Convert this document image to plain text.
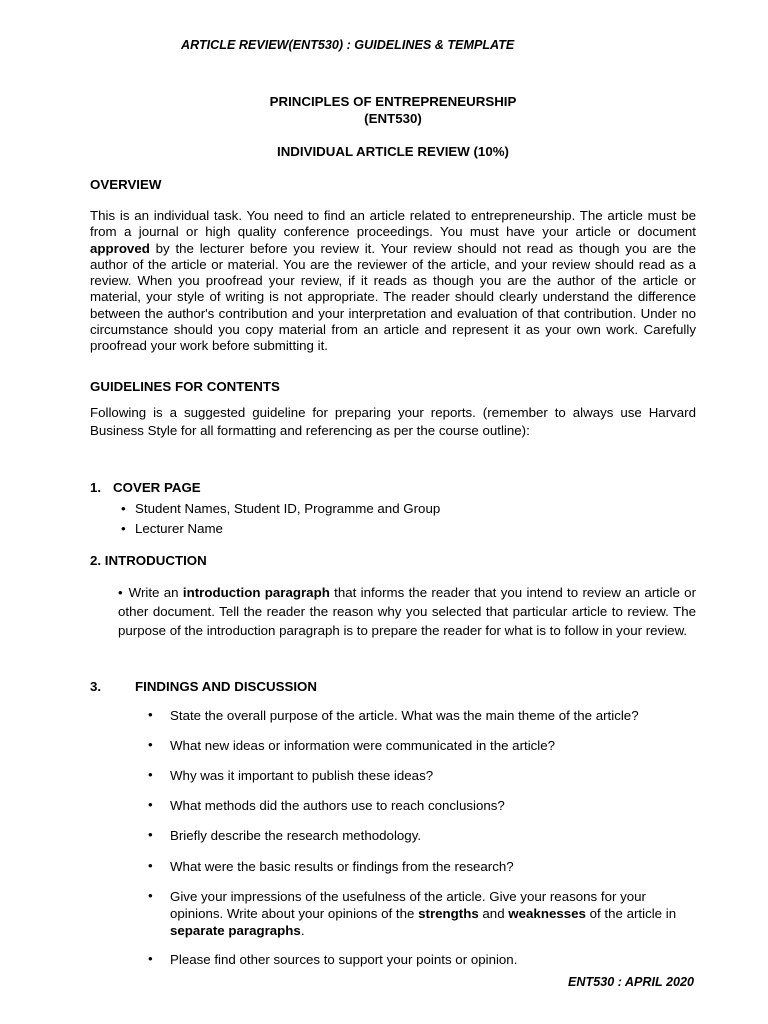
ARTICLE REVIEW(ENT530) : GUIDELINES & TEMPLATE
PRINCIPLES OF ENTREPRENEURSHIP
(ENT530)
INDIVIDUAL ARTICLE REVIEW (10%)
OVERVIEW

This is an individual task. You need to find an article related to entrepreneurship. The article must be from a journal or high quality conference proceedings. You must have your article or document approved by the lecturer before you review it. Your review should not read as though you are the author of the article or material. You are the reviewer of the article, and your review should read as a review. When you proofread your review, if it reads as though you are the author of the article or material, your style of writing is not appropriate. The reader should clearly understand the difference between the author's contribution and your interpretation and evaluation of that contribution. Under no circumstance should you copy material from an article and represent it as your own work. Carefully proofread your work before submitting it.

GUIDELINES FOR CONTENTS

Following is a suggested guideline for preparing your reports. (remember to always use Harvard Business Style for all formatting and referencing as per the course outline):

1. COVER PAGE
• Student Names, Student ID, Programme and Group
• Lecturer Name
2. INTRODUCTION

• Write an introduction paragraph that informs the reader that you intend to review an article or other document. Tell the reader the reason why you selected that particular article to review. The purpose of the introduction paragraph is to prepare the reader for what is to follow in your review.

3.	FINDINGS AND DISCUSSION
• State the overall purpose of the article. What was the main theme of the article?
• What new ideas or information were communicated in the article?
• Why was it important to publish these ideas?
• What methods did the authors use to reach conclusions?
• Briefly describe the research methodology.
• What were the basic results or findings from the research?
• Give your impressions of the usefulness of the article. Give your reasons for your opinions. Write about your opinions of the strengths and weaknesses of the article in separate paragraphs.
• Please find other sources to support your points or opinion.
ENT530 : APRIL 2020
